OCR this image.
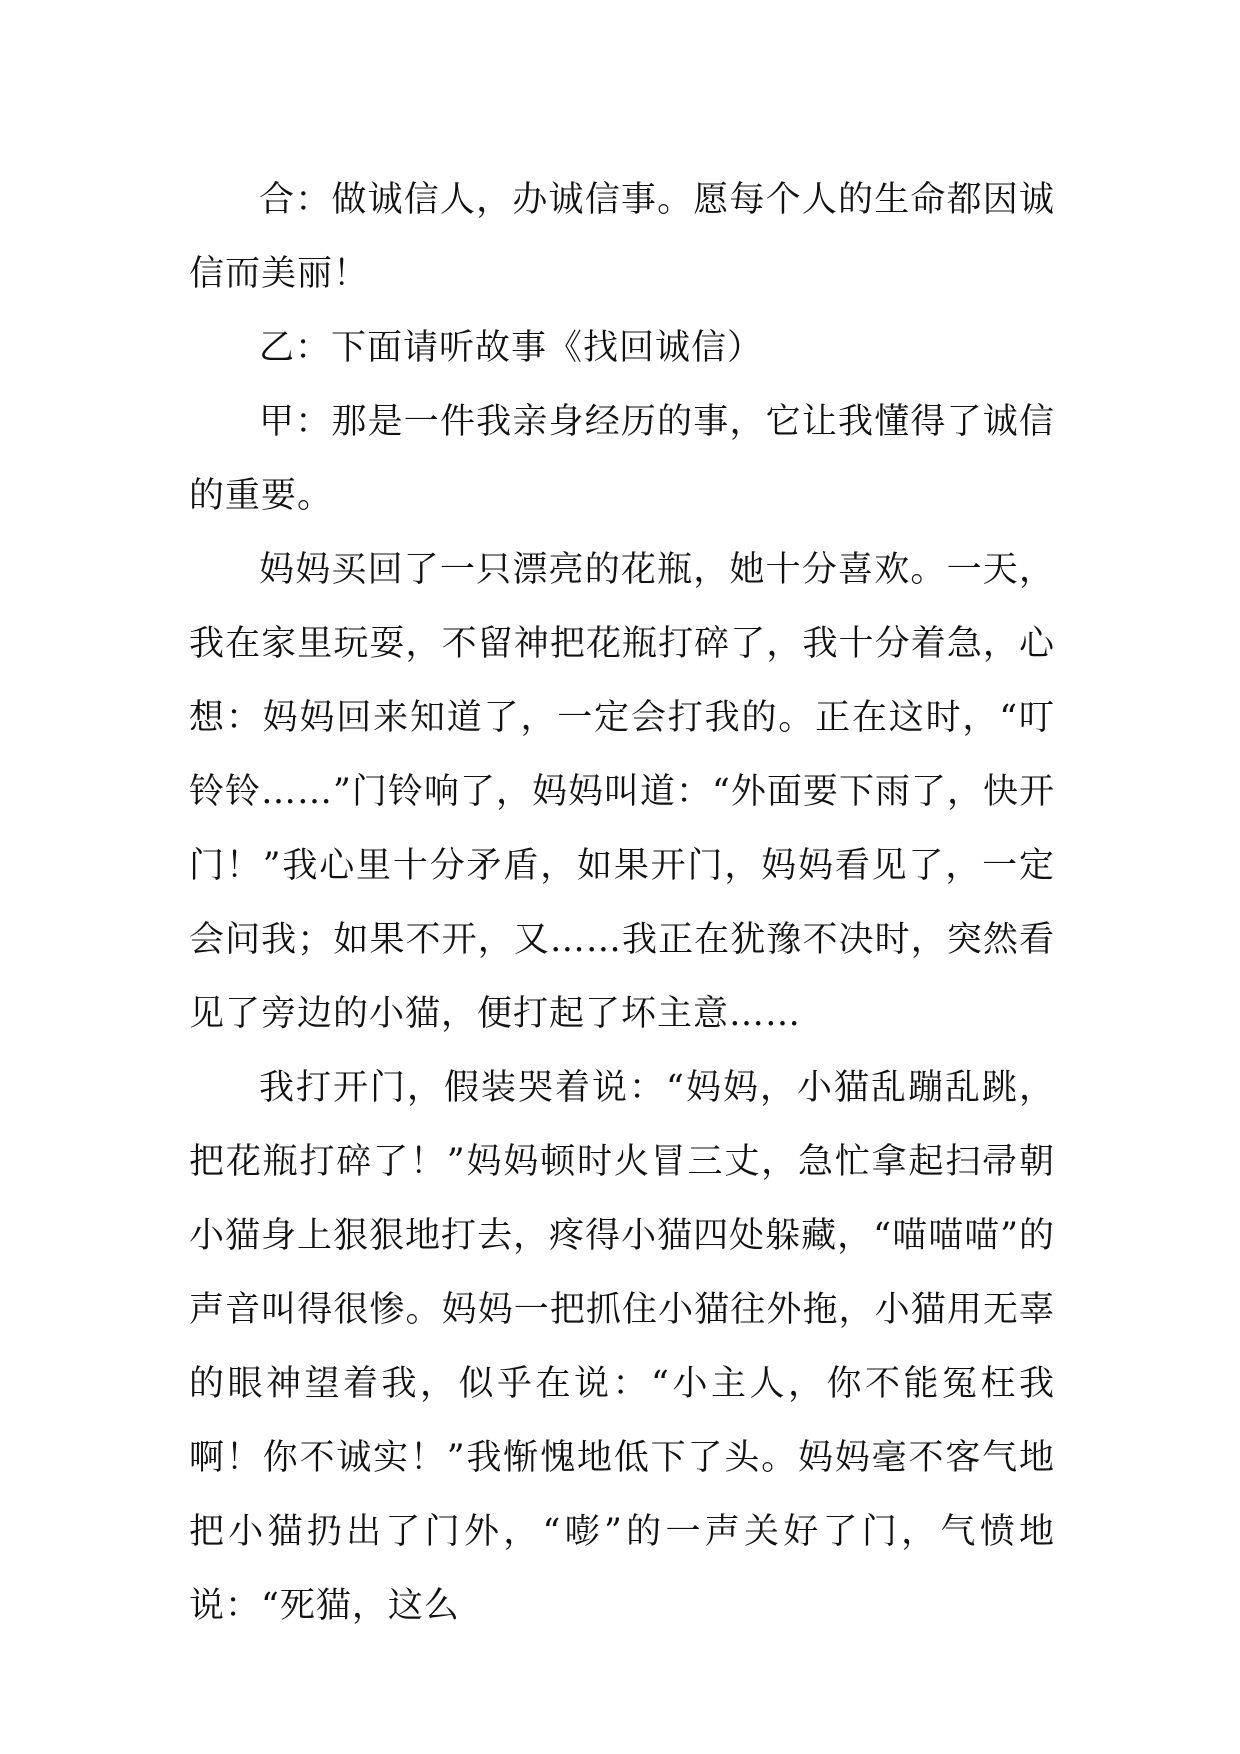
合：做诚信人，办诚信事。愿每个人的生命都因诚信而美丽！

乙：下面请听故事《找回诚信）

甲：那是一件我亲身经历的事，它让我懂得了诚信的重要。

妈妈买回了一只漂亮的花瓶，她十分喜欢。一天，我在家里玩耍，不留神把花瓶打碎了，我十分着急，心想：妈妈回来知道了，一定会打我的。正在这时，“叮铃铃……”门铃响了，妈妈叫道：“外面要下雨了，快开门！”我心里十分矛盾，如果开门，妈妈看见了，一定会问我；如果不开，又……我正在犹豫不决时，突然看见了旁边的小猫，便打起了坏主意……

我打开门，假装哭着说：“妈妈，小猫乱蹦乱跳，把花瓶打碎了！”妈妈顿时火冒三丈，急忙拿起扫帚朝小猫身上狠狠地打去，疼得小猫四处躲藏，“喵喵喵”的声音叫得很惨。妈妈一把抓住小猫往外拖，小猫用无辜的眼神望着我，似乎在说：“小主人，你不能冤枉我啊！你不诚实！”我惭愧地低下了头。妈妈毫不客气地把小猫扔出了门外，“嘭”的一声关好了门，气愤地说：“死猫，这么
